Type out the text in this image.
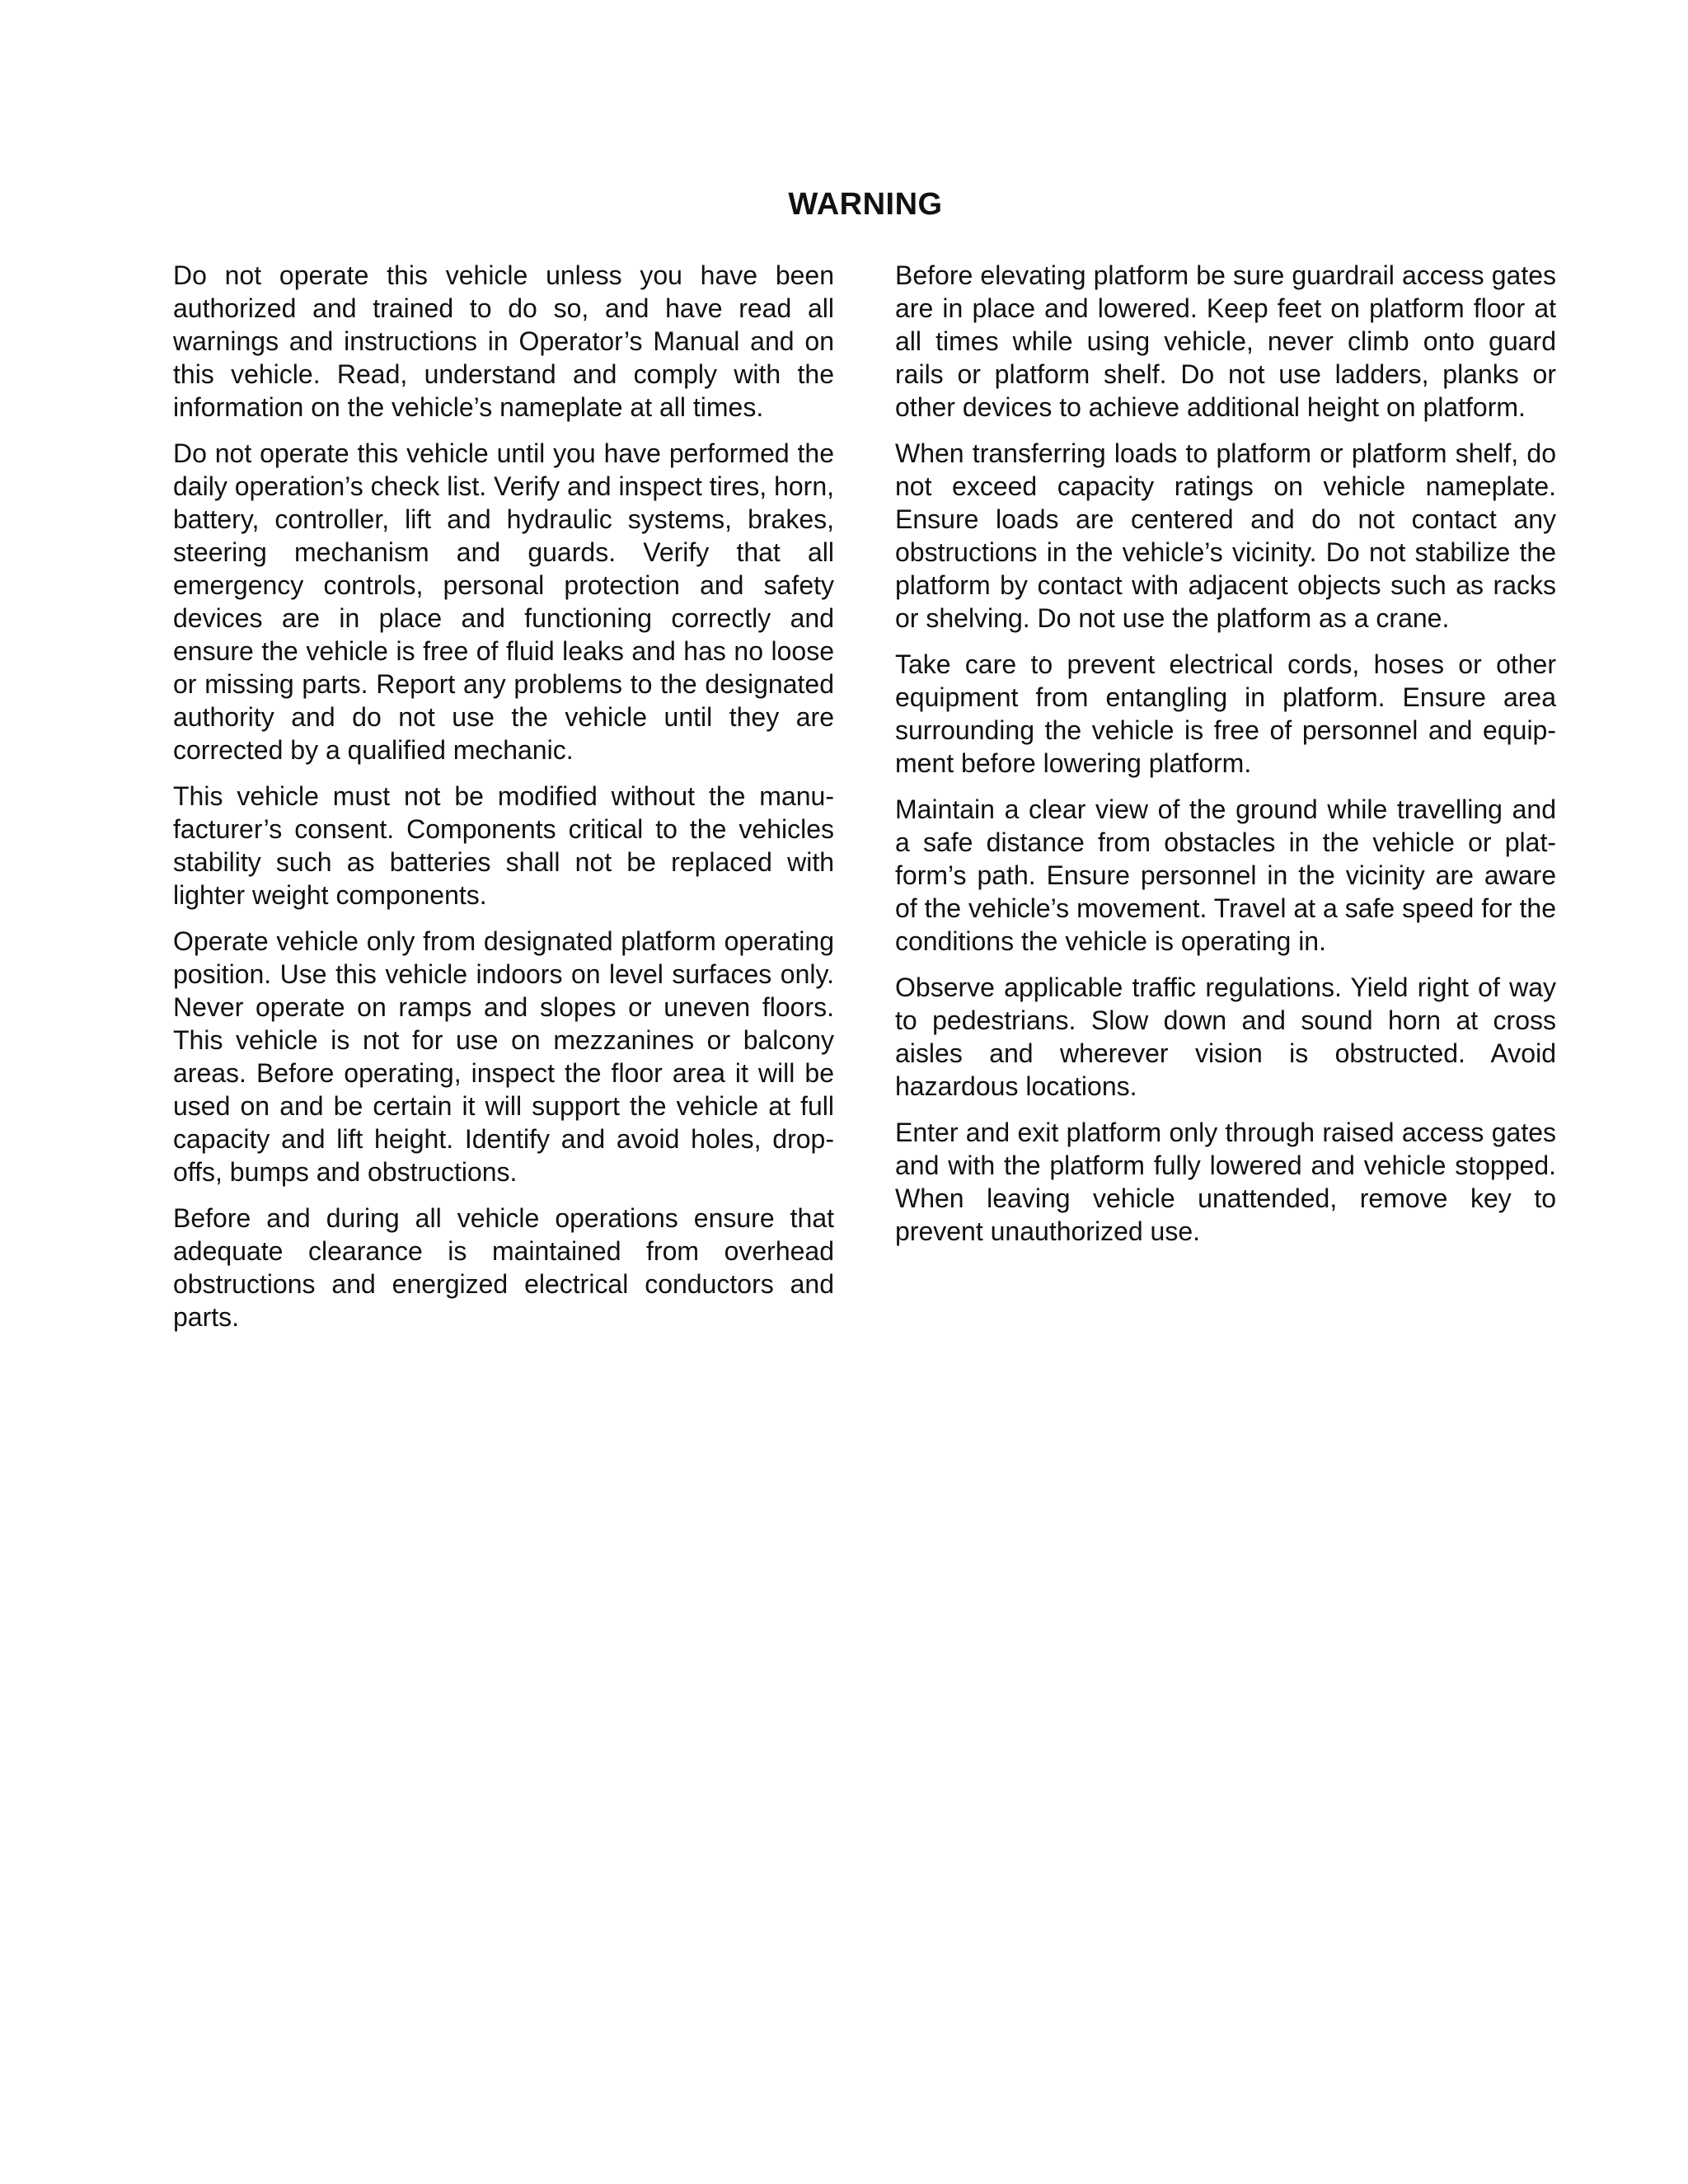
WARNING

Do not operate this vehicle unless you have been authorized and trained to do so, and have read all warnings and instructions in Operator’s Manual and on this vehicle. Read, understand and comply with the information on the vehicle’s nameplate at all times.

Do not operate this vehicle until you have performed the daily operation’s check list. Verify and inspect tires, horn, battery, controller, lift and hydraulic systems, brakes, steering mechanism and guards. Verify that all emergency controls, personal protection and safety devices are in place and functioning correctly and ensure the vehicle is free of fluid leaks and has no loose or missing parts. Report any problems to the designated authority and do not use the vehicle until they are corrected by a qualified mechanic.

This vehicle must not be modified without the manufacturer’s consent. Components critical to the vehicles stability such as batteries shall not be replaced with lighter weight components.

Operate vehicle only from designated platform operating position. Use this vehicle indoors on level surfaces only. Never operate on ramps and slopes or uneven floors. This vehicle is not for use on mezzanines or balcony areas. Before operating, inspect the floor area it will be used on and be certain it will support the vehicle at full capacity and lift height. Identify and avoid holes, drop-offs, bumps and obstructions.

Before and during all vehicle operations ensure that adequate clearance is maintained from overhead obstructions and energized electrical conductors and parts.

Before elevating platform be sure guardrail access gates are in place and lowered. Keep feet on platform floor at all times while using vehicle, never climb onto guard rails or platform shelf. Do not use ladders, planks or other devices to achieve additional height on platform.

When transferring loads to platform or platform shelf, do not exceed capacity ratings on vehicle nameplate. Ensure loads are centered and do not contact any obstructions in the vehicle’s vicinity. Do not stabilize the platform by contact with adjacent objects such as racks or shelving. Do not use the platform as a crane.

Take care to prevent electrical cords, hoses or other equipment from entangling in platform. Ensure area surrounding the vehicle is free of personnel and equipment before lowering platform.

Maintain a clear view of the ground while travelling and a safe distance from obstacles in the vehicle or platform’s path. Ensure personnel in the vicinity are aware of the vehicle’s movement. Travel at a safe speed for the conditions the vehicle is operating in.

Observe applicable traffic regulations. Yield right of way to pedestrians. Slow down and sound horn at cross aisles and wherever vision is obstructed. Avoid hazardous locations.

Enter and exit platform only through raised access gates and with the platform fully lowered and vehicle stopped. When leaving vehicle unattended, remove key to prevent unauthorized use.
